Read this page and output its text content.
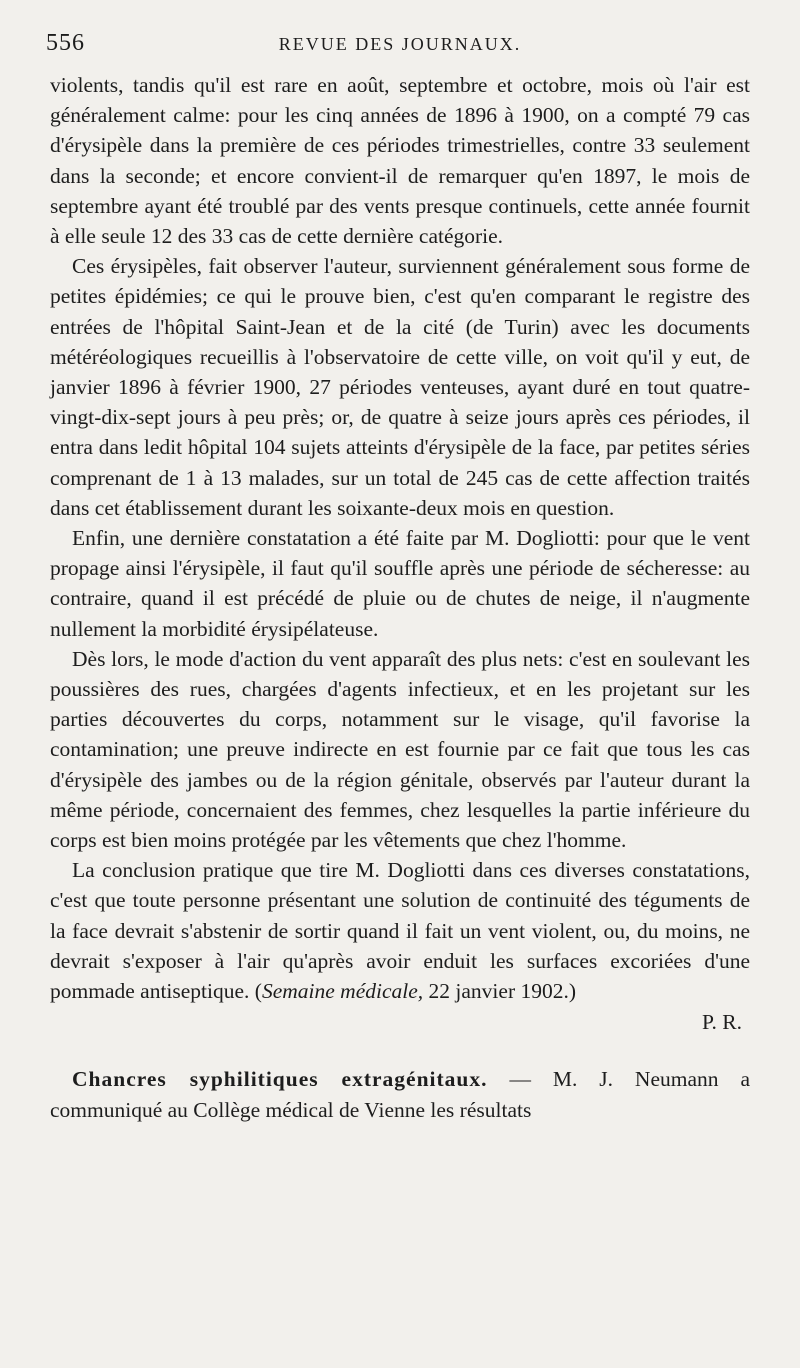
556	REVUE DES JOURNAUX.

violents, tandis qu'il est rare en août, septembre et octobre, mois où l'air est généralement calme: pour les cinq années de 1896 à 1900, on a compté 79 cas d'érysipèle dans la première de ces périodes trimestrielles, contre 33 seulement dans la seconde; et encore convient-il de remarquer qu'en 1897, le mois de septembre ayant été troublé par des vents presque continuels, cette année fournit à elle seule 12 des 33 cas de cette dernière catégorie.

Ces érysipèles, fait observer l'auteur, surviennent généralement sous forme de petites épidémies; ce qui le prouve bien, c'est qu'en comparant le registre des entrées de l'hôpital Saint-Jean et de la cité (de Turin) avec les documents météréologiques recueillis à l'observatoire de cette ville, on voit qu'il y eut, de janvier 1896 à février 1900, 27 périodes venteuses, ayant duré en tout quatre-vingt-dix-sept jours à peu près; or, de quatre à seize jours après ces périodes, il entra dans ledit hôpital 104 sujets atteints d'érysipèle de la face, par petites séries comprenant de 1 à 13 malades, sur un total de 245 cas de cette affection traités dans cet établissement durant les soixante-deux mois en question.

Enfin, une dernière constatation a été faite par M. Dogliotti: pour que le vent propage ainsi l'érysipèle, il faut qu'il souffle après une période de sécheresse: au contraire, quand il est précédé de pluie ou de chutes de neige, il n'augmente nullement la morbidité érysipélateuse.

Dès lors, le mode d'action du vent apparaît des plus nets: c'est en soulevant les poussières des rues, chargées d'agents infectieux, et en les projetant sur les parties découvertes du corps, notamment sur le visage, qu'il favorise la contamination; une preuve indirecte en est fournie par ce fait que tous les cas d'érysipèle des jambes ou de la région génitale, observés par l'auteur durant la même période, concernaient des femmes, chez lesquelles la partie inférieure du corps est bien moins protégée par les vêtements que chez l'homme.

La conclusion pratique que tire M. Dogliotti dans ces diverses constatations, c'est que toute personne présentant une solution de continuité des téguments de la face devrait s'abstenir de sortir quand il fait un vent violent, ou, du moins, ne devrait s'exposer à l'air qu'après avoir enduit les surfaces excoriées d'une pommade antiseptique. (Semaine médicale, 22 janvier 1902.)

P. R.

Chancres syphilitiques extragénitaux. — M. J. Neumann a communiqué au Collège médical de Vienne les résultats
